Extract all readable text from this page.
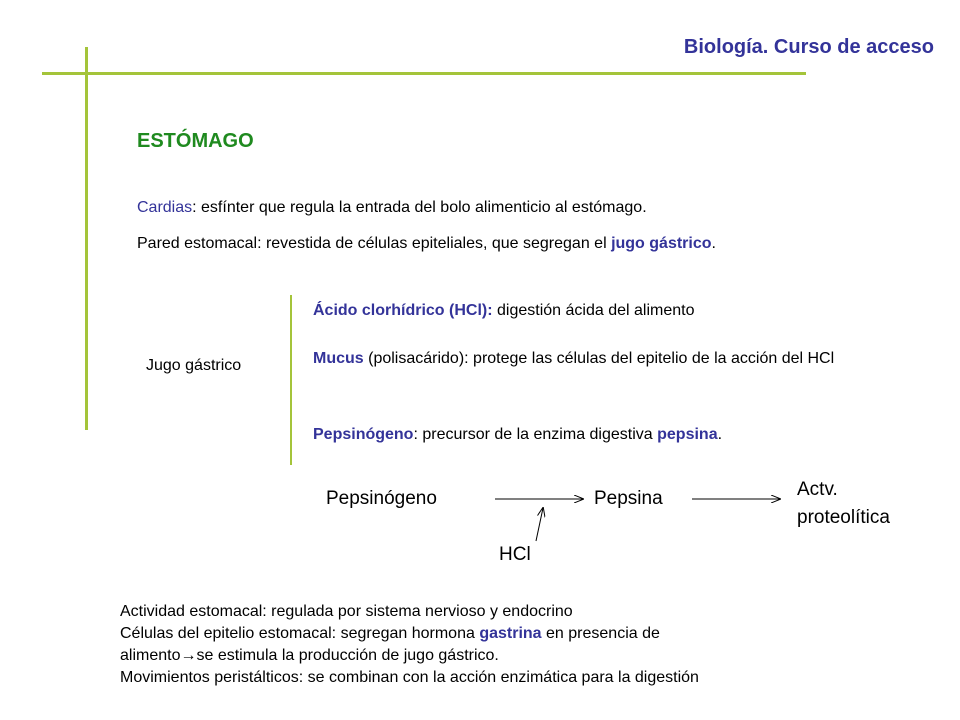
Biología. Curso de acceso
ESTÓMAGO
Cardias: esfínter que regula la entrada del bolo alimenticio al estómago.
Pared estomacal: revestida de células epiteliales, que segregan el jugo gástrico.
Jugo gástrico
Ácido clorhídrico (HCl): digestión ácida del alimento
Mucus (polisacárido): protege las células del epitelio de la acción del HCl
Pepsinógeno: precursor de la enzima digestiva pepsina.
Pepsinógeno	Pepsina	Actv.
proteolítica
HCl
Actividad estomacal: regulada por sistema nervioso y endocrino
Células del epitelio estomacal: segregan hormona gastrina en presencia de
alimento→se estimula la producción de jugo gástrico.
Movimientos peristálticos: se combinan con la acción enzimática para la digestión
